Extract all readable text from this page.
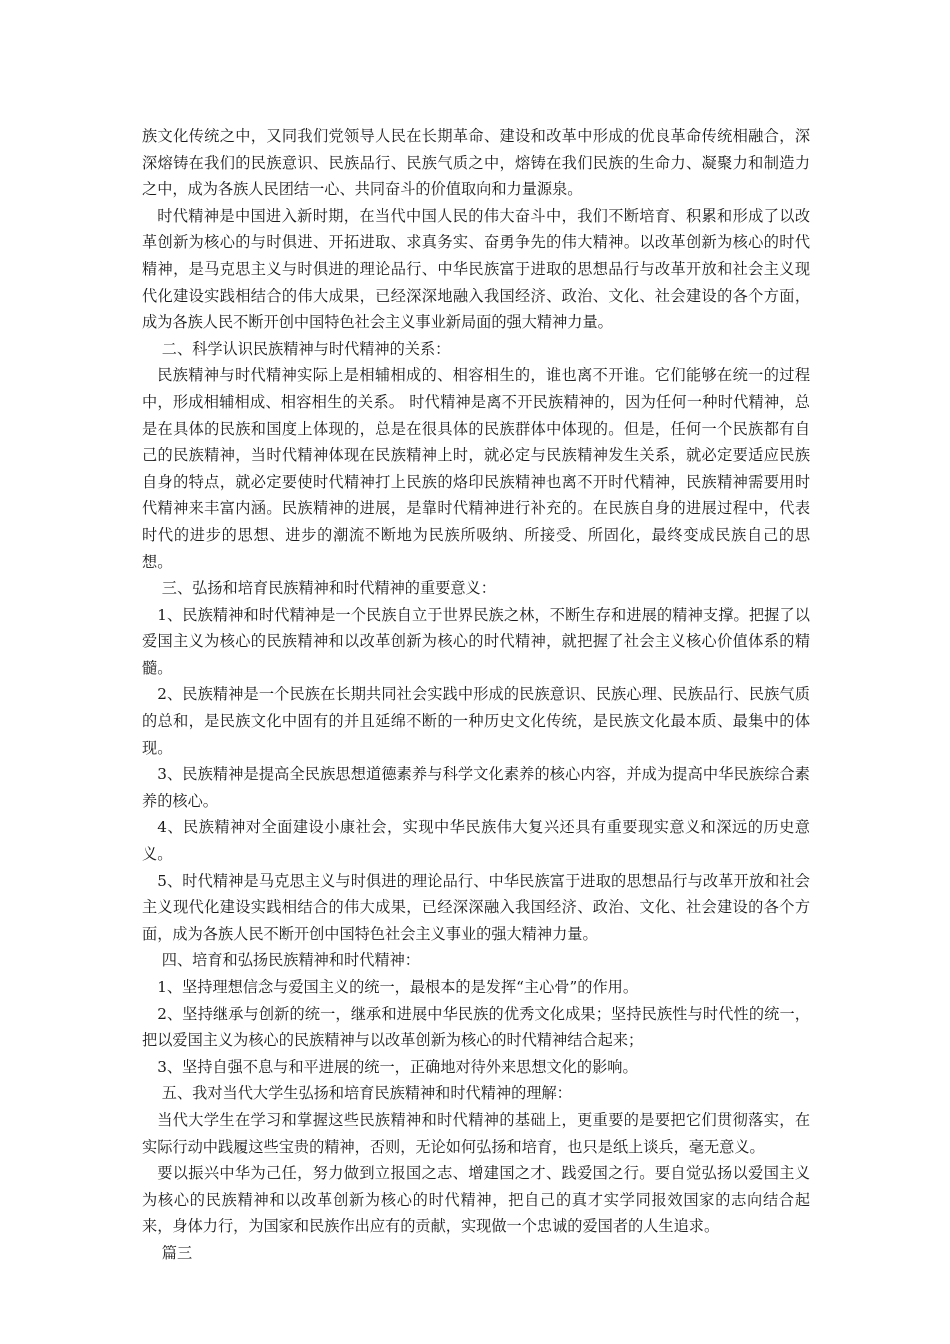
族文化传统之中，又同我们党领导人民在长期革命、建设和改革中形成的优良革命传统相融合，深深熔铸在我们的民族意识、民族品行、民族气质之中，熔铸在我们民族的生命力、凝聚力和制造力之中，成为各族人民团结一心、共同奋斗的价值取向和力量源泉。

时代精神是中国进入新时期，在当代中国人民的伟大奋斗中，我们不断培育、积累和形成了以改革创新为核心的与时俱进、开拓进取、求真务实、奋勇争先的伟大精神。以改革创新为核心的时代精神，是马克思主义与时俱进的理论品行、中华民族富于进取的思想品行与改革开放和社会主义现代化建设实践相结合的伟大成果，已经深深地融入我国经济、政治、文化、社会建设的各个方面，成为各族人民不断开创中国特色社会主义事业新局面的强大精神力量。

二、科学认识民族精神与时代精神的关系：

民族精神与时代精神实际上是相辅相成的、相容相生的，谁也离不开谁。它们能够在统一的过程中，形成相辅相成、相容相生的关系。 时代精神是离不开民族精神的，因为任何一种时代精神，总是在具体的民族和国度上体现的，总是在很具体的民族群体中体现的。但是，任何一个民族都有自己的民族精神，当时代精神体现在民族精神上时，就必定与民族精神发生关系，就必定要适应民族自身的特点，就必定要使时代精神打上民族的烙印民族精神也离不开时代精神，民族精神需要用时代精神来丰富内涵。民族精神的进展，是靠时代精神进行补充的。在民族自身的进展过程中，代表时代的进步的思想、进步的潮流不断地为民族所吸纳、所接受、所固化，最终变成民族自己的思想。

三、弘扬和培育民族精神和时代精神的重要意义：

1、民族精神和时代精神是一个民族自立于世界民族之林，不断生存和进展的精神支撑。把握了以爱国主义为核心的民族精神和以改革创新为核心的时代精神，就把握了社会主义核心价值体系的精髓。

2、民族精神是一个民族在长期共同社会实践中形成的民族意识、民族心理、民族品行、民族气质的总和，是民族文化中固有的并且延绵不断的一种历史文化传统，是民族文化最本质、最集中的体现。

3、民族精神是提高全民族思想道德素养与科学文化素养的核心内容，并成为提高中华民族综合素养的核心。

4、民族精神对全面建设小康社会，实现中华民族伟大复兴还具有重要现实意义和深远的历史意义。

5、时代精神是马克思主义与时俱进的理论品行、中华民族富于进取的思想品行与改革开放和社会主义现代化建设实践相结合的伟大成果，已经深深融入我国经济、政治、文化、社会建设的各个方面，成为各族人民不断开创中国特色社会主义事业的强大精神力量。

四、培育和弘扬民族精神和时代精神：

1、坚持理想信念与爱国主义的统一，最根本的是发挥“主心骨”的作用。

2、坚持继承与创新的统一，继承和进展中华民族的优秀文化成果；坚持民族性与时代性的统一，把以爱国主义为核心的民族精神与以改革创新为核心的时代精神结合起来；

3、坚持自强不息与和平进展的统一，正确地对待外来思想文化的影响。

五、我对当代大学生弘扬和培育民族精神和时代精神的理解：

当代大学生在学习和掌握这些民族精神和时代精神的基础上，更重要的是要把它们贯彻落实，在实际行动中践履这些宝贵的精神，否则，无论如何弘扬和培育，也只是纸上谈兵，毫无意义。

要以振兴中华为己任，努力做到立报国之志、增建国之才、践爱国之行。要自觉弘扬以爱国主义为核心的民族精神和以改革创新为核心的时代精神，把自己的真才实学同报效国家的志向结合起来，身体力行，为国家和民族作出应有的贡献，实现做一个忠诚的爱国者的人生追求。

篇三
